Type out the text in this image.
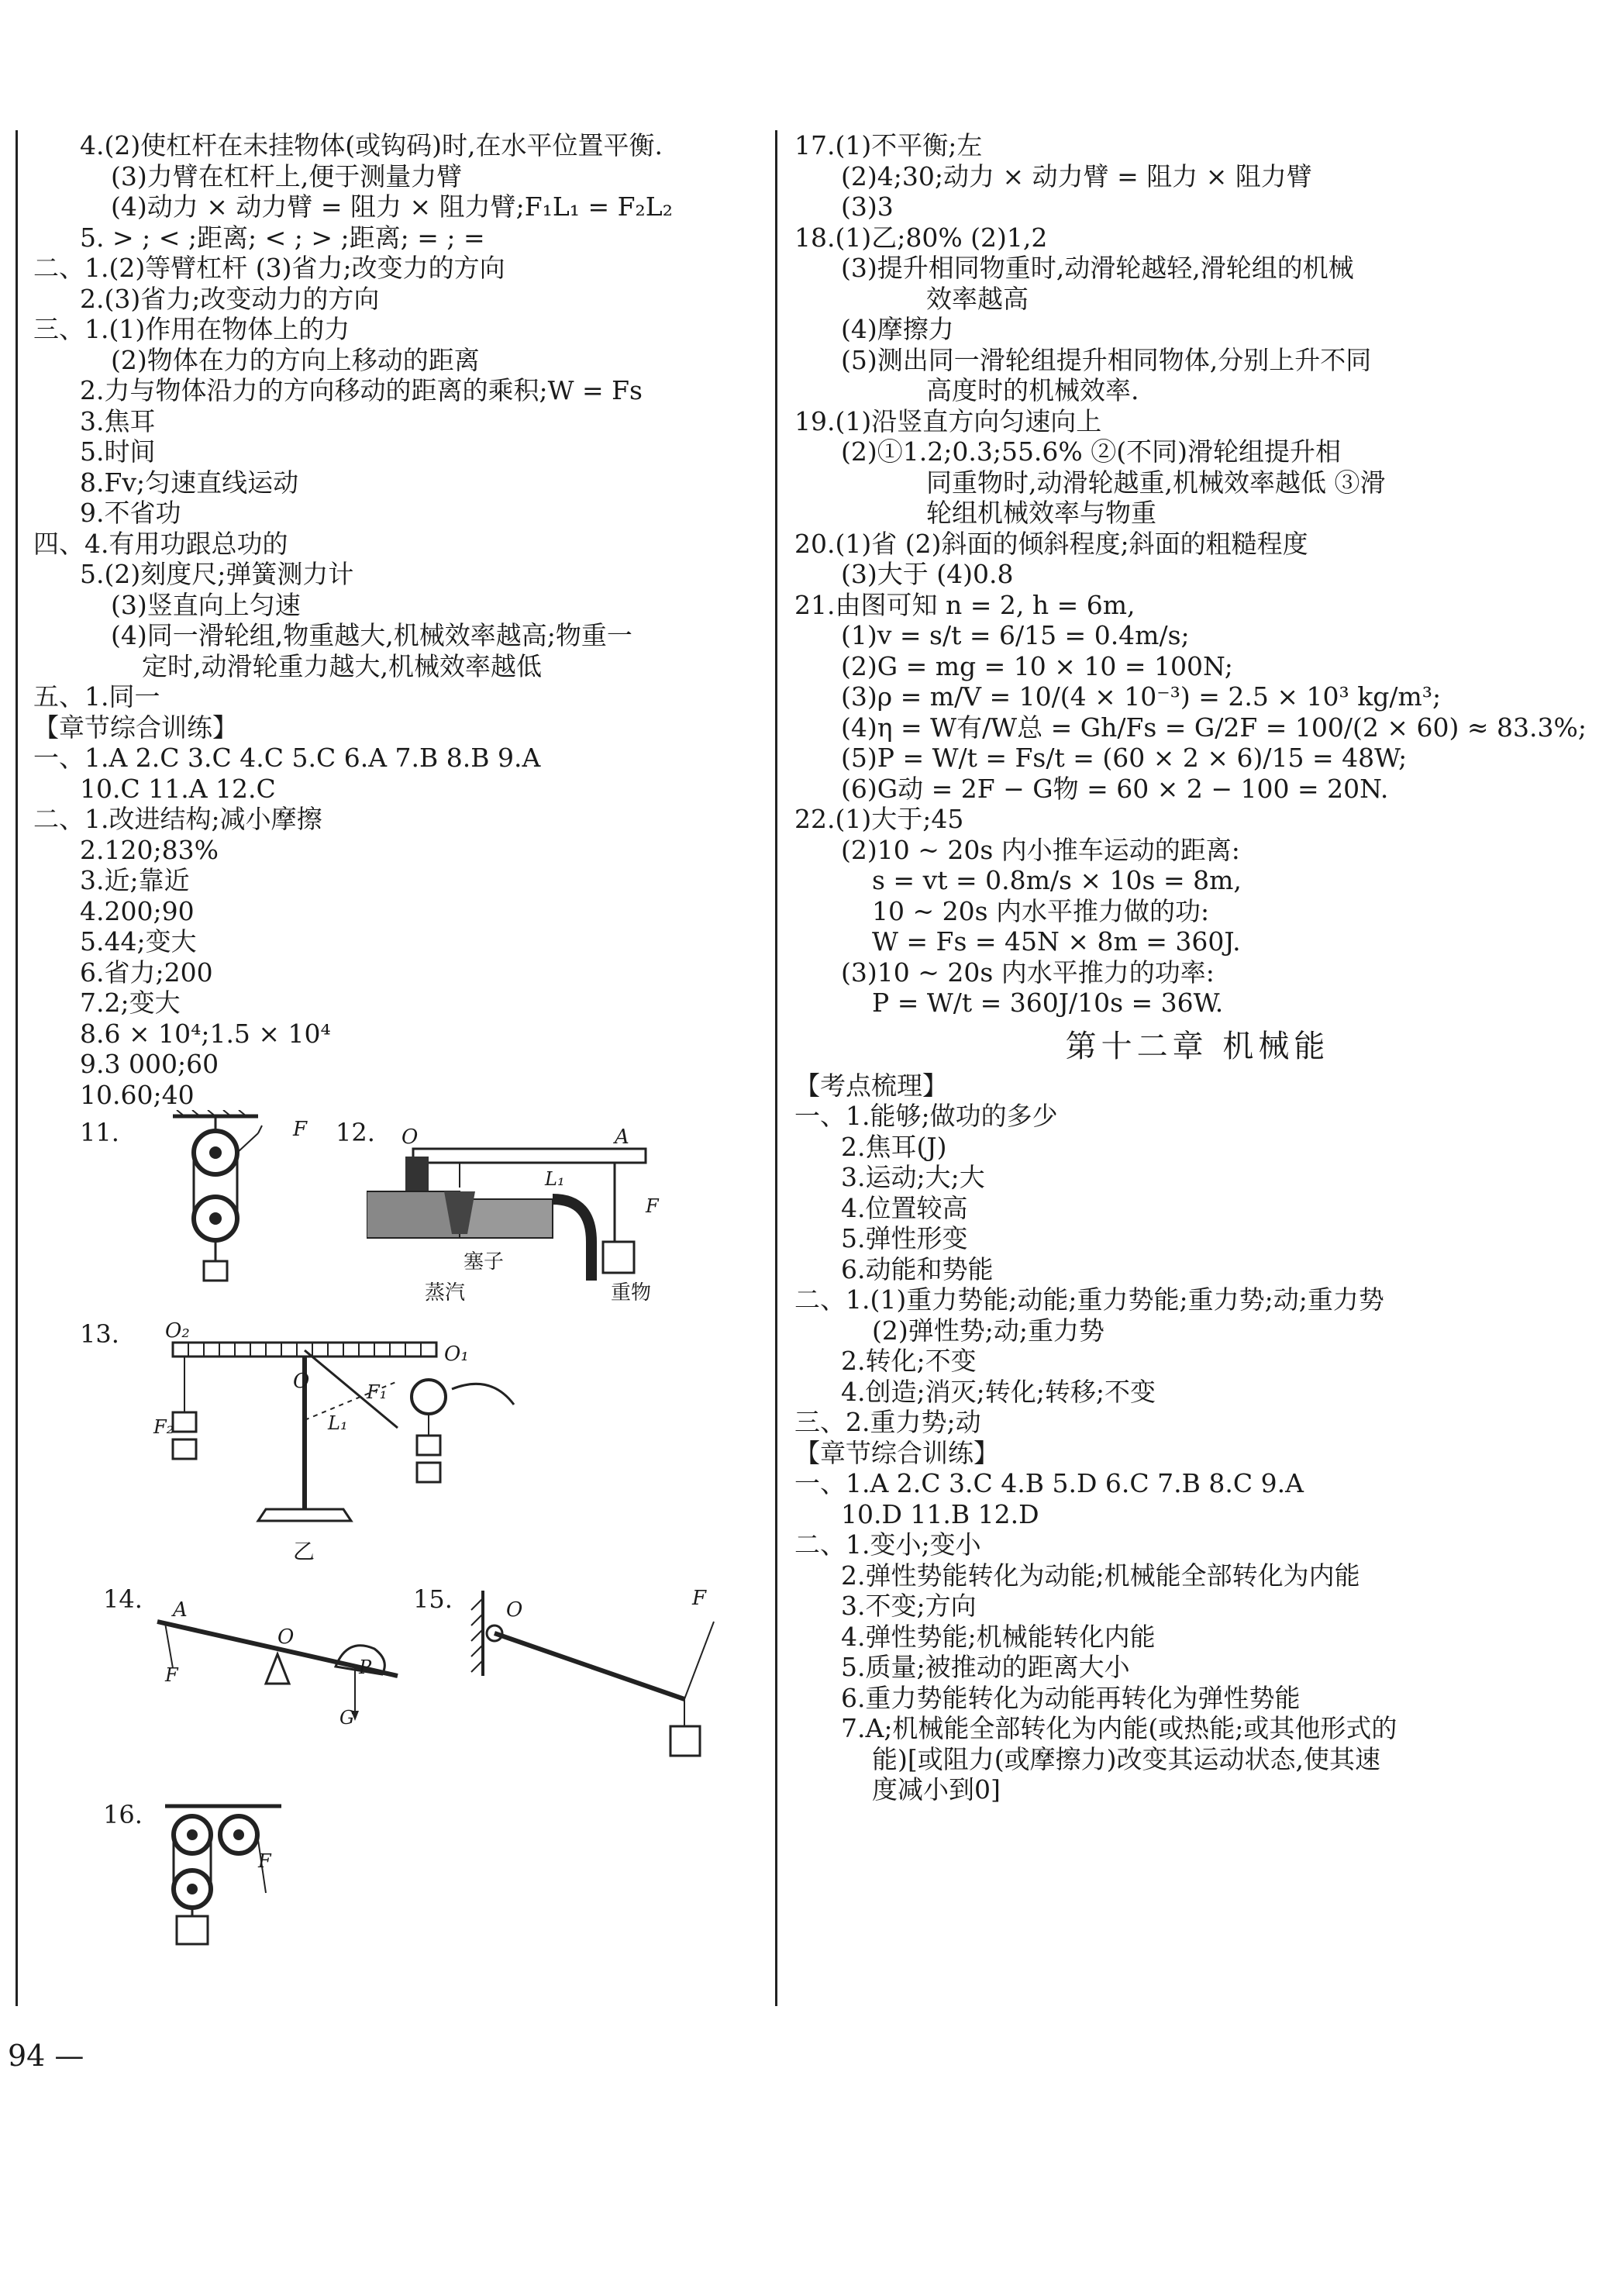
4.(2)使杠杆在未挂物体(或钩码)时,在水平位置平衡.
(3)力臂在杠杆上,便于测量力臂
(4)动力 × 动力臂 = 阻力 × 阻力臂;F₁L₁ = F₂L₂
5. > ; < ;距离; < ; > ;距离; = ; =
二、1.(2)等臂杠杆 (3)省力;改变力的方向
2.(3)省力;改变动力的方向
三、1.(1)作用在物体上的力
(2)物体在力的方向上移动的距离
2.力与物体沿力的方向移动的距离的乘积;W = Fs
3.焦耳
5.时间
8.Fv;匀速直线运动
9.不省功
四、4.有用功跟总功的
5.(2)刻度尺;弹簧测力计
(3)竖直向上匀速
(4)同一滑轮组,物重越大,机械效率越高;物重一
定时,动滑轮重力越大,机械效率越低
五、1.同一
【章节综合训练】
一、1.A 2.C 3.C 4.C 5.C 6.A 7.B 8.B 9.A
10.C 11.A 12.C
二、1.改进结构;减小摩擦
2.120;83%
3.近;靠近
4.200;90
5.44;变大
6.省力;200
7.2;变大
8.6 × 10⁴;1.5 × 10⁴
9.3 000;60
10.60;40
11.	F 12. O	A
L₁
F
塞子
蒸汽	重物
13. O₂
O
O₁
F₁
F₂	L₁
乙
14. A
O
F	P
G
15.	O	F
16.
F
17.(1)不平衡;左
(2)4;30;动力 × 动力臂 = 阻力 × 阻力臂
(3)3
18.(1)乙;80% (2)1,2
(3)提升相同物重时,动滑轮越轻,滑轮组的机械
效率越高
(4)摩擦力
(5)测出同一滑轮组提升相同物体,分别上升不同
高度时的机械效率.
19.(1)沿竖直方向匀速向上
(2)①1.2;0.3;55.6% ②(不同)滑轮组提升相
同重物时,动滑轮越重,机械效率越低 ③滑
轮组机械效率与物重
20.(1)省 (2)斜面的倾斜程度;斜面的粗糙程度
(3)大于 (4)0.8
21.由图可知 n = 2, h = 6m,
(1)v = s/t = 6/15 = 0.4m/s;
(2)G = mg = 10 × 10 = 100N;
(3)ρ = m/V = 10/(4 × 10⁻³) = 2.5 × 10³ kg/m³;
(4)η = W有/W总 = Gh/Fs = G/2F = 100/(2 × 60) ≈ 83.3%;
(5)P = W/t = Fs/t = (60 × 2 × 6)/15 = 48W;
(6)G动 = 2F − G物 = 60 × 2 − 100 = 20N.
22.(1)大于;45
(2)10 ~ 20s 内小推车运动的距离:
s = vt = 0.8m/s × 10s = 8m,
10 ~ 20s 内水平推力做的功:
W = Fs = 45N × 8m = 360J.
(3)10 ~ 20s 内水平推力的功率:
P = W/t = 360J/10s = 36W.
第十二章 机械能
【考点梳理】
一、1.能够;做功的多少
2.焦耳(J)
3.运动;大;大
4.位置较高
5.弹性形变
6.动能和势能
二、1.(1)重力势能;动能;重力势能;重力势;动;重力势
(2)弹性势;动;重力势
2.转化;不变
4.创造;消灭;转化;转移;不变
三、2.重力势;动
【章节综合训练】
一、1.A 2.C 3.C 4.B 5.D 6.C 7.B 8.C 9.A
10.D 11.B 12.D
二、1.变小;变小
2.弹性势能转化为动能;机械能全部转化为内能
3.不变;方向
4.弹性势能;机械能转化内能
5.质量;被推动的距离大小
6.重力势能转化为动能再转化为弹性势能
7.A;机械能全部转化为内能(或热能;或其他形式的
能)[或阻力(或摩擦力)改变其运动状态,使其速
度减小到0]
94 —
